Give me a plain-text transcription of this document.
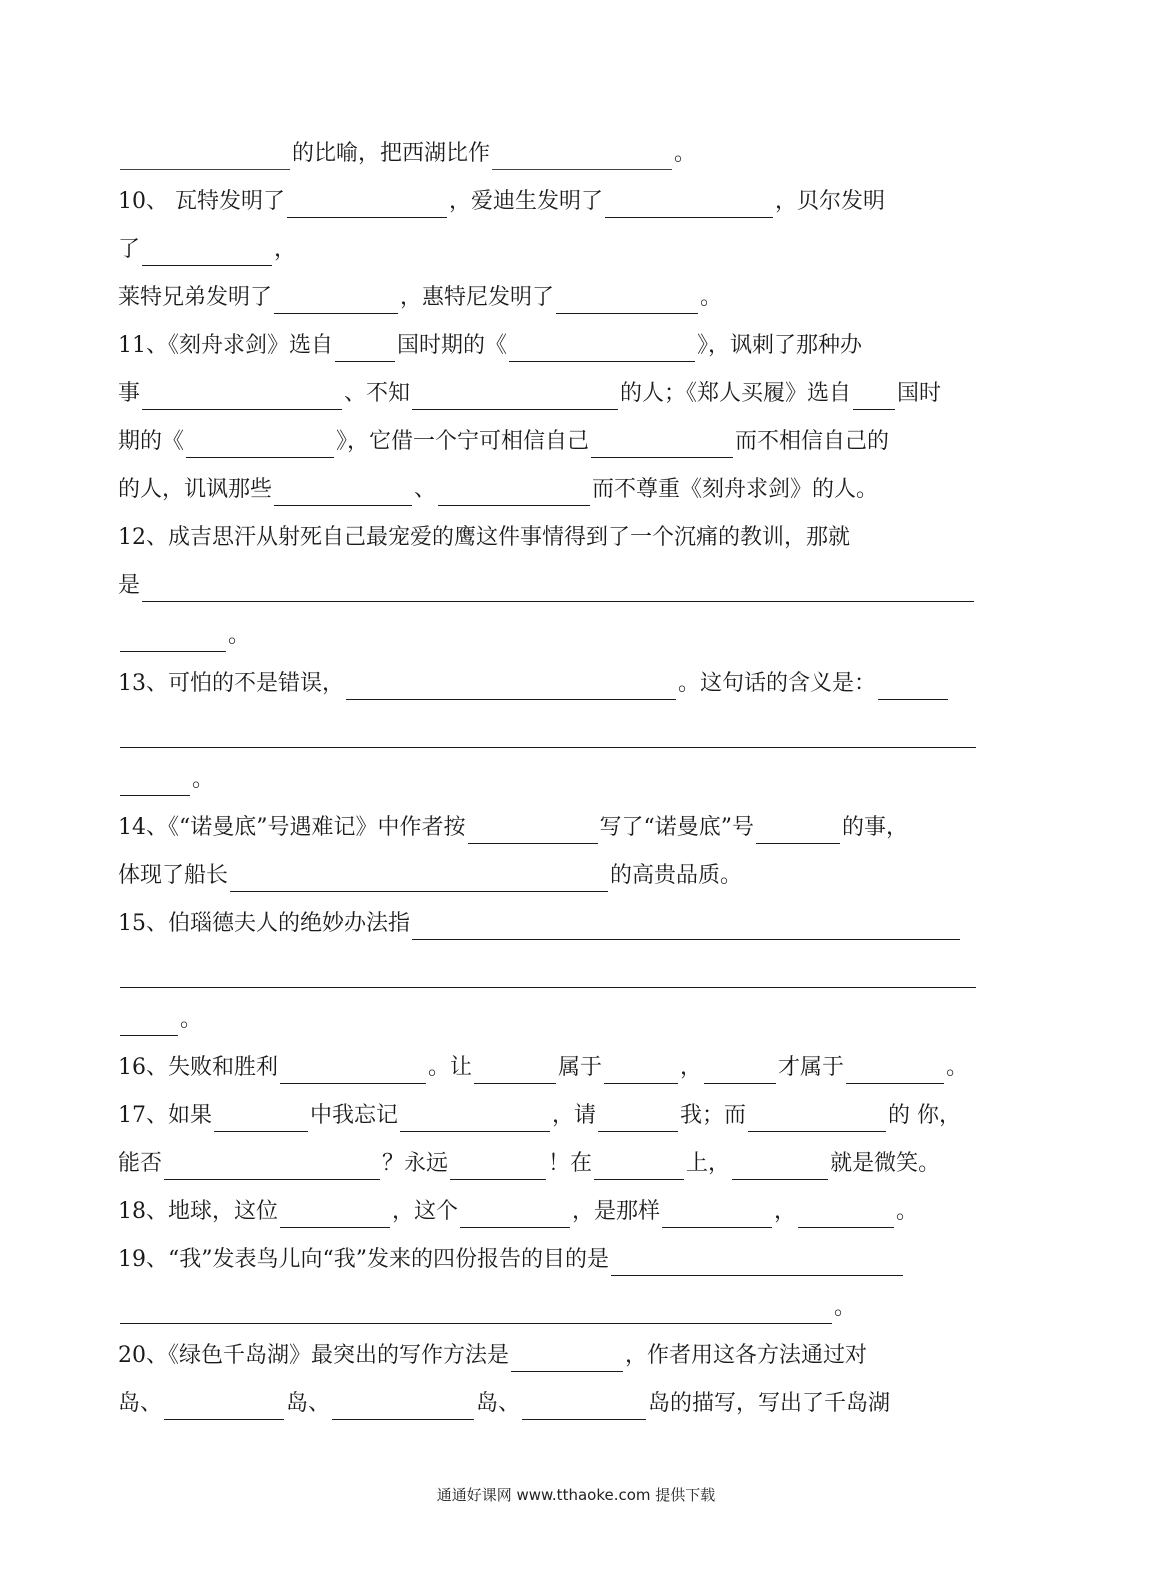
的比喻，把西湖比作	。
10、 瓦特发明了	，爱迪生发明了	，贝尔发明
了	，
莱特兄弟发明了	，惠特尼发明了	。
11、《刻舟求剑》选自	国时期的《	》，讽刺了那种办
事	、不知	的人；《郑人买履》选自 国时
期的《	》，它借一个宁可相信自己	而不相信自己的
的人，讥讽那些	、	而不尊重《刻舟求剑》的人。
12、成吉思汗从射死自己最宠爱的鹰这件事情得到了一个沉痛的教训，那就
是
。
13、可怕的不是错误，	。这句话的含义是：
。
14、《“诺曼底”号遇难记》中作者按	写了“诺曼底”号	的事，
体现了船长	的高贵品质。
15、伯瑙德夫人的绝妙办法指
。
16、失败和胜利	。让	属于	，	才属于	。
17、如果	中我忘记	，请	我；而	的 你，
能否	？永远	！在	上，	就是微笑。
18、地球，这位	，这个	，是那样	，	。
19、“我”发表鸟儿向“我”发来的四份报告的目的是
。
20、《绿色千岛湖》最突出的写作方法是	，作者用这各方法通过对
岛、	岛、	岛、	岛的描写，写出了千岛湖
通通好课网 www.tthaoke.com 提供下载
